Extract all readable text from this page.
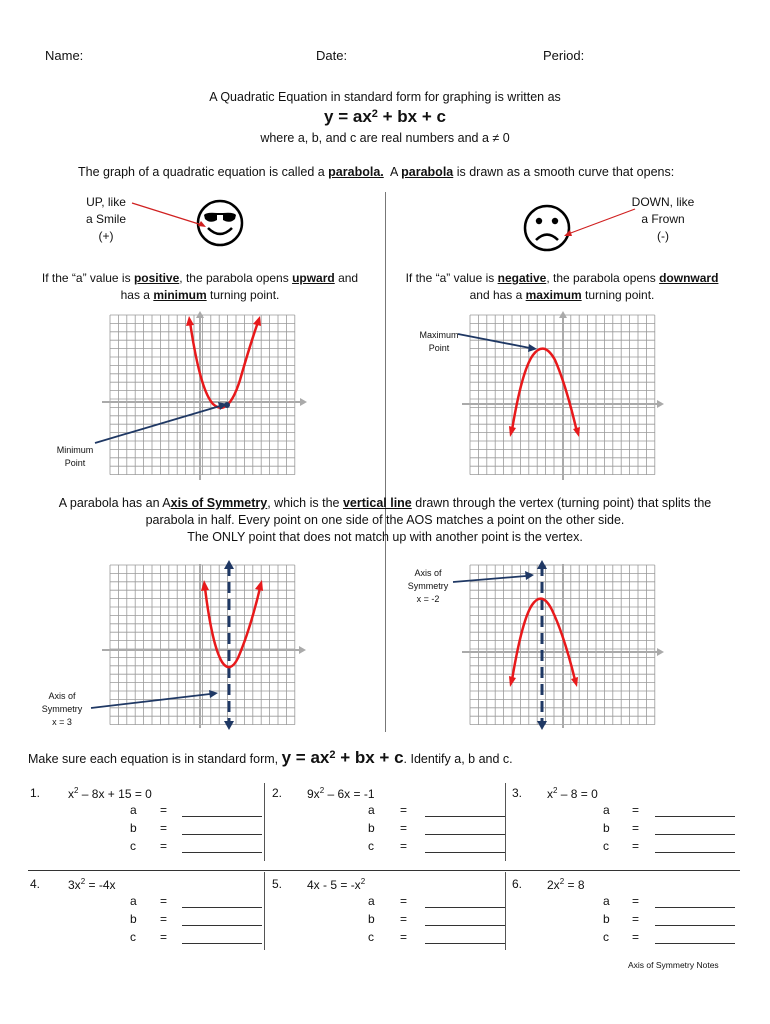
Name:	Date:	Period:
A Quadratic Equation in standard form for graphing is written as
$y = ax^2$ + bx + c
where a, b, and c are real numbers and a ≠ 0
The graph of a quadratic equation is called a parabola.  A parabola is drawn as a smooth curve that opens:
UP, like
a Smile
(+)
If the “a” value is positive, the parabola opens upward and
has a minimum turning point.
DOWN, like
a Frown
(-)
If the “a” value is negative, the parabola opens downward
and has a maximum turning point.
Minimum
Point
Maximum
Point
A parabola has an Axis of Symmetry, which is the vertical line drawn through the vertex (turning point) that splits the
parabola in half. Every point on one side of the AOS matches a point on the other side.
The ONLY point that does not match up with another point is the vertex.
Axis of
Symmetry
x = 3
Axis of
Symmetry
x = -2
Make sure each equation is in standard form, $y = ax^2$ + bx + c. Identify a, b and c.
1. $x^2 - 8x + 15 = 0$
a =
b =
c =
2. $9x^2 - 6x = -1$
a =
b =
c =
3. $x^2 - 8 = 0$
a =
b =
c =
4. $3x^2 = -4x$
a =
b =
c =
5. $4x - 5 = -x^2$
a =
b =
c =
6. $2x^2 = 8$
a =
b =
c =
Axis of Symmetry Notes
